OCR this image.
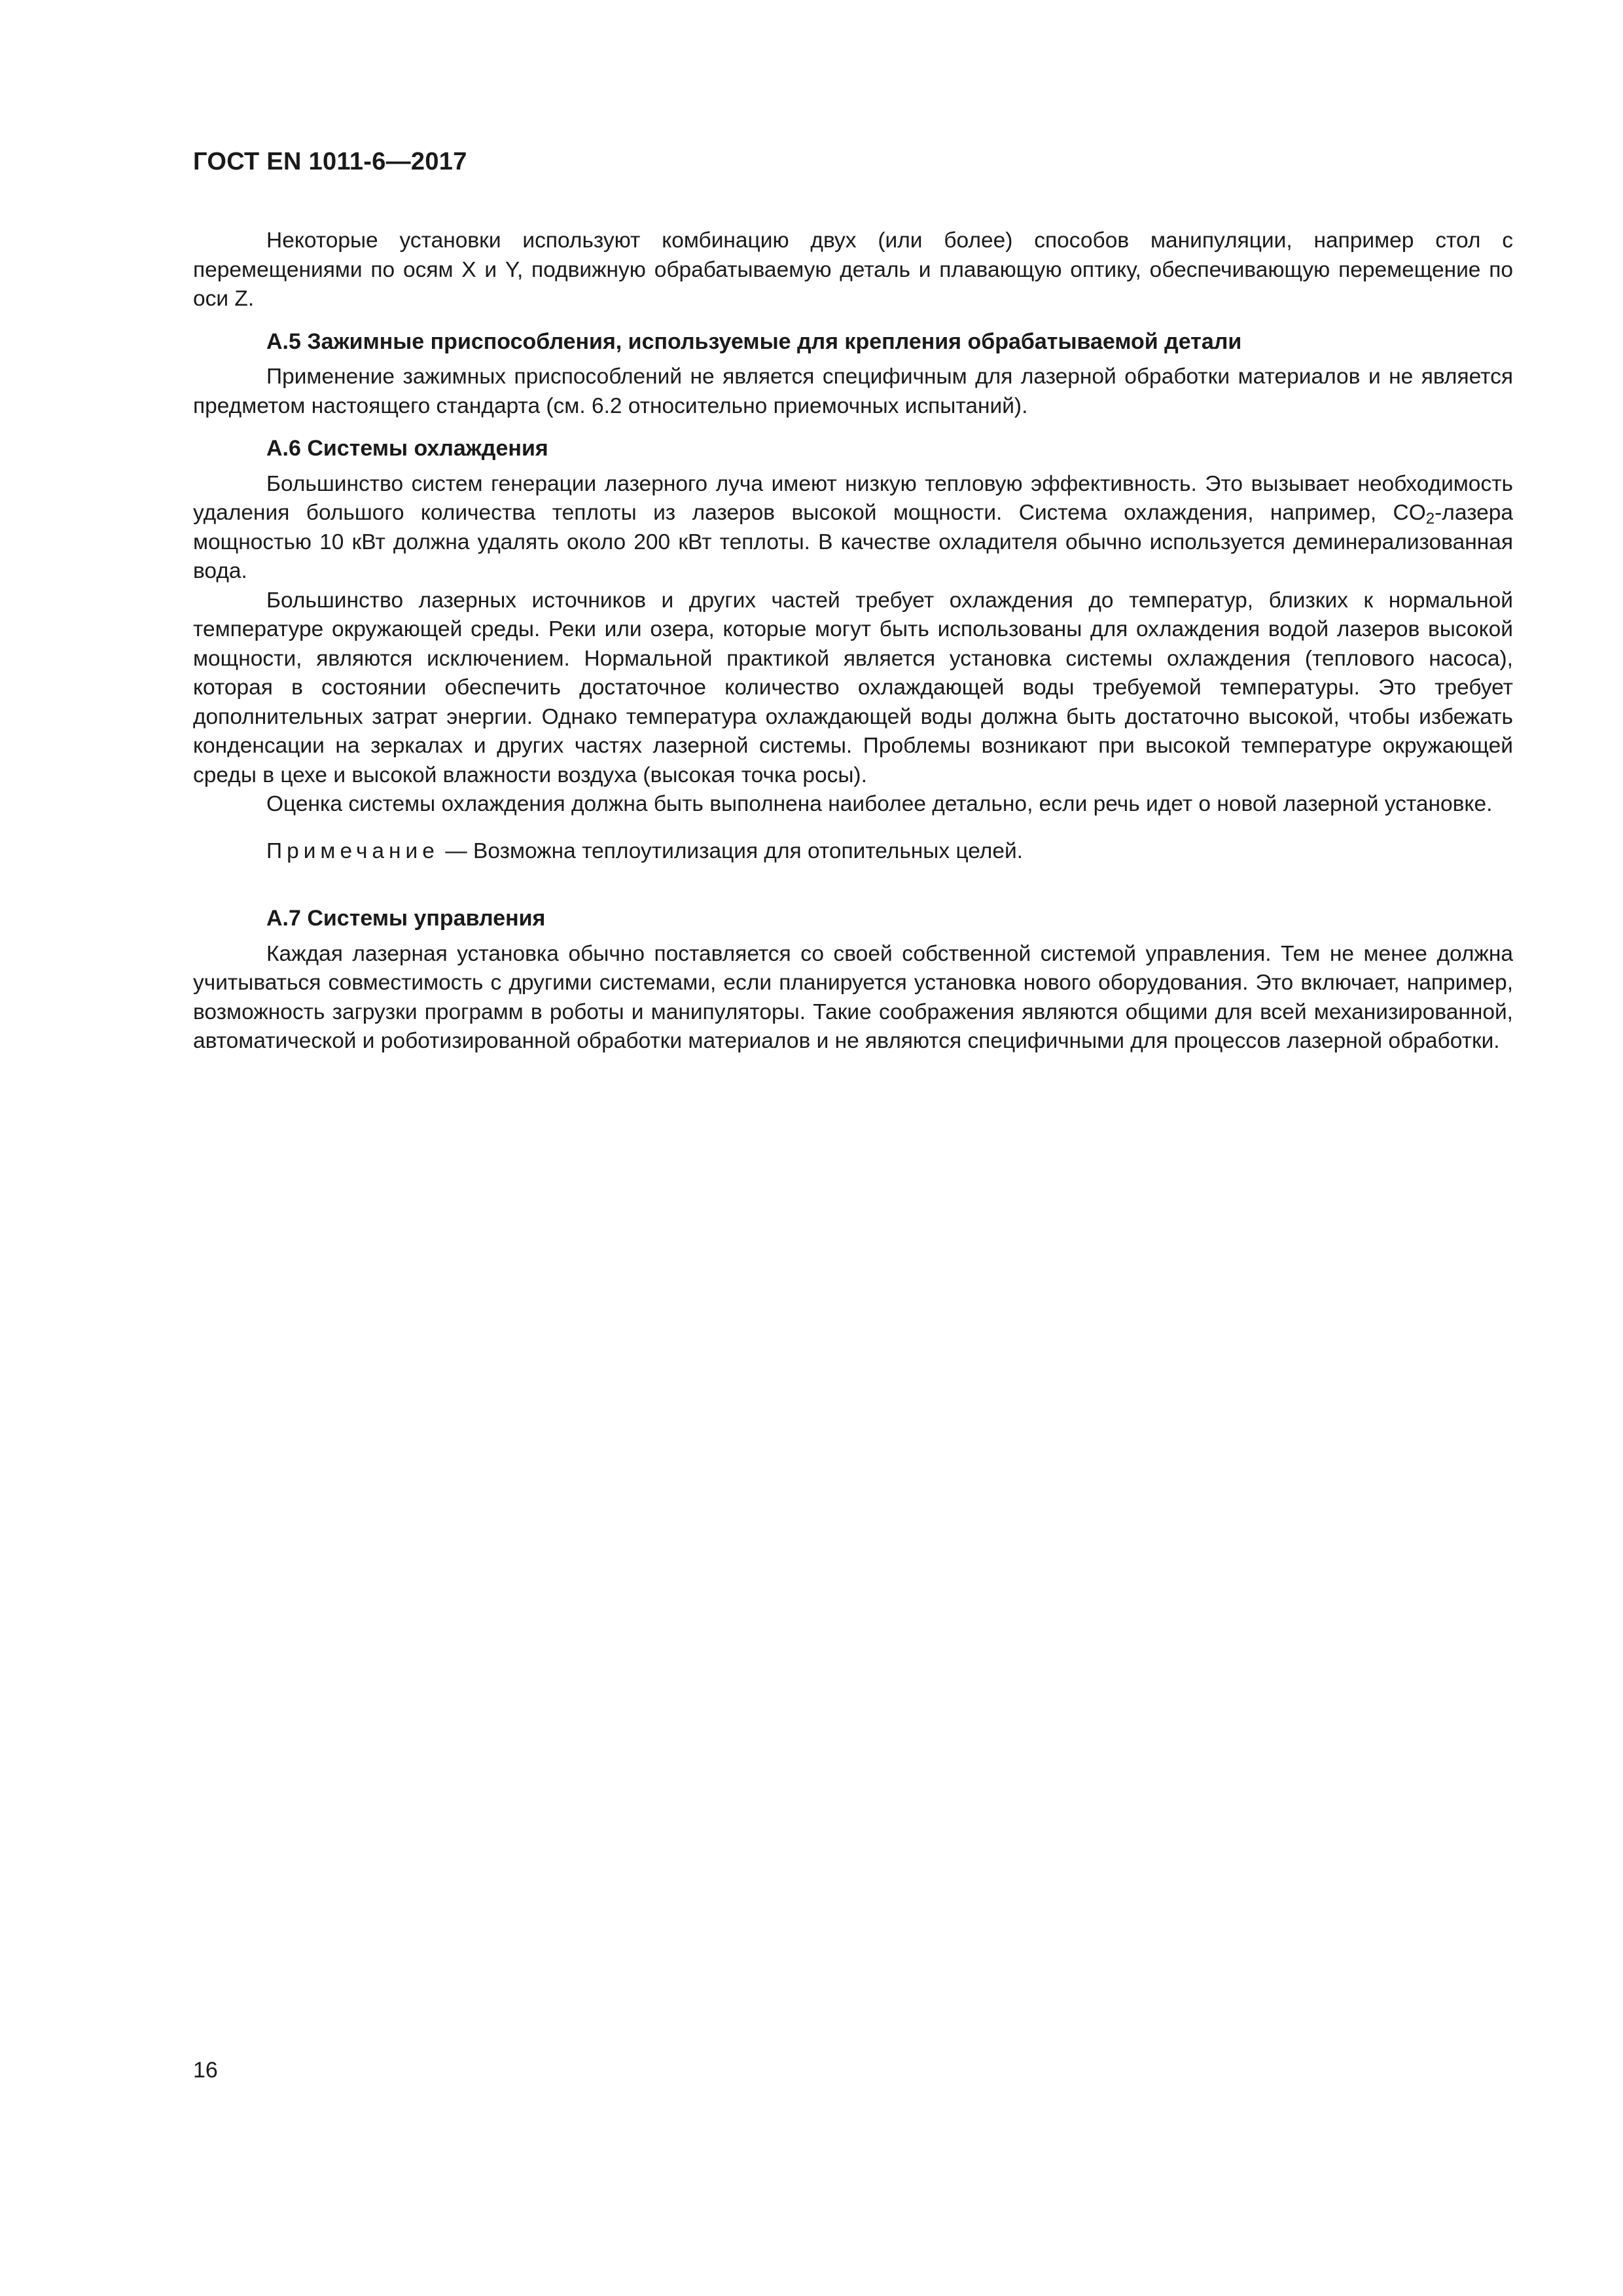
ГОСТ EN 1011-6—2017

Некоторые установки используют комбинацию двух (или более) способов манипуляции, например стол с перемещениями по осям X и Y, подвижную обрабатываемую деталь и плавающую оптику, обеспечивающую перемещение по оси Z.

А.5 Зажимные приспособления, используемые для крепления обрабатываемой детали

Применение зажимных приспособлений не является специфичным для лазерной обработки материалов и не является предметом настоящего стандарта (см. 6.2 относительно приемочных испытаний).

А.6 Системы охлаждения

Большинство систем генерации лазерного луча имеют низкую тепловую эффективность. Это вызывает необходимость удаления большого количества теплоты из лазеров высокой мощности. Система охлаждения, например, $CO_2$-лазера мощностью 10 кВт должна удалять около 200 кВт теплоты. В качестве охладителя обычно используется деминерализованная вода.

Большинство лазерных источников и других частей требует охлаждения до температур, близких к нормальной температуре окружающей среды. Реки или озера, которые могут быть использованы для охлаждения водой лазеров высокой мощности, являются исключением. Нормальной практикой является установка системы охлаждения (теплового насоса), которая в состоянии обеспечить достаточное количество охлаждающей воды требуемой температуры. Это требует дополнительных затрат энергии. Однако температура охлаждающей воды должна быть достаточно высокой, чтобы избежать конденсации на зеркалах и других частях лазерной системы. Проблемы возникают при высокой температуре окружающей среды в цехе и высокой влажности воздуха (высокая точка росы).

Оценка системы охлаждения должна быть выполнена наиболее детально, если речь идет о новой лазерной установке.

Примечание — Возможна теплоутилизация для отопительных целей.

А.7 Системы управления

Каждая лазерная установка обычно поставляется со своей собственной системой управления. Тем не менее должна учитываться совместимость с другими системами, если планируется установка нового оборудования. Это включает, например, возможность загрузки программ в роботы и манипуляторы. Такие соображения являются общими для всей механизированной, автоматической и роботизированной обработки материалов и не являются специфичными для процессов лазерной обработки.

16
